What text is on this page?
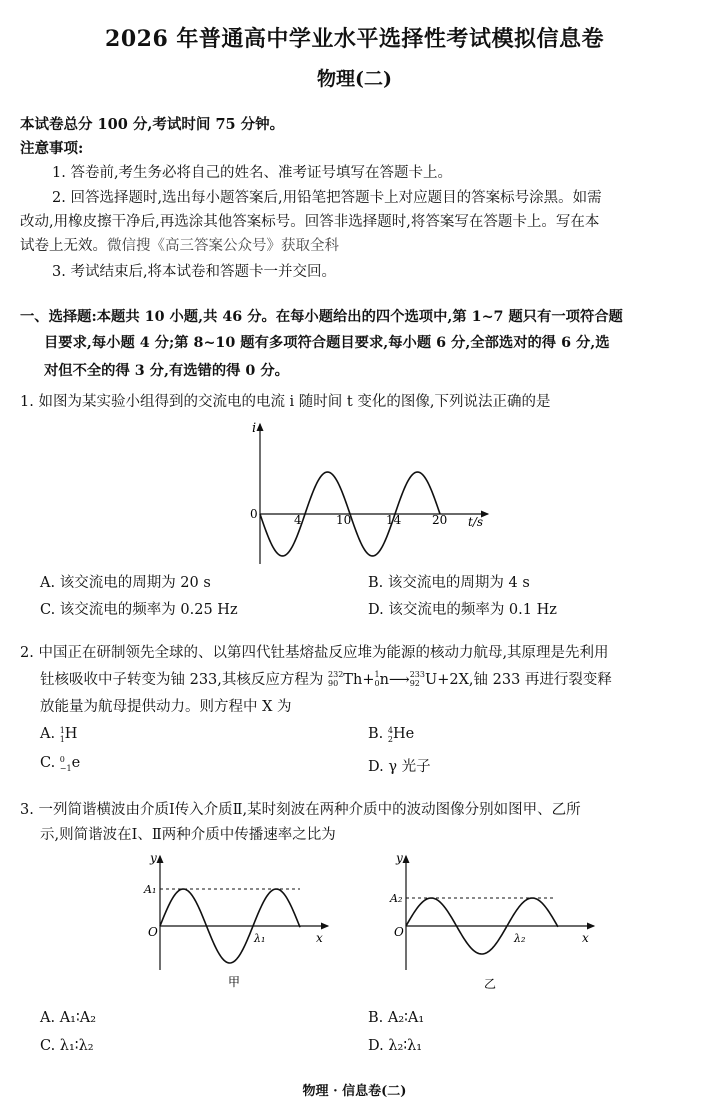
2026 年普通高中学业水平选择性考试模拟信息卷
物理(二)
本试卷总分 100 分,考试时间 75 分钟。
注意事项:
1. 答卷前,考生务必将自己的姓名、准考证号填写在答题卡上。
2. 回答选择题时,选出每小题答案后,用铅笔把答题卡上对应题目的答案标号涂黑。如需
改动,用橡皮擦干净后,再选涂其他答案标号。回答非选择题时,将答案写在答题卡上。写在本
试卷上无效。微信搜《高三答案公众号》获取全科
3. 考试结束后,将本试卷和答题卡一并交回。
一、选择题:本题共 10 小题,共 46 分。在每小题给出的四个选项中,第 1~7 题只有一项符合题
目要求,每小题 4 分;第 8~10 题有多项符合题目要求,每小题 6 分,全部选对的得 6 分,选
对但不全的得 3 分,有选错的得 0 分。
1. 如图为某实验小组得到的交流电的电流 i 随时间 t 变化的图像,下列说法正确的是
i
0
t/s
4	10	14	20
A. 该交流电的周期为 20 s	B. 该交流电的周期为 4 s
C. 该交流电的频率为 0.25 Hz	D. 该交流电的频率为 0.1 Hz
2. 中国正在研制领先全球的、以第四代钍基熔盐反应堆为能源的核动力航母,其原理是先利用
钍核吸收中子转变为铀 233,其核反应方程为 232
90 Th+ 1
0 n⟶ 233
92 U+2X,铀 233 再进行裂变释
放能量为航母提供动力。则方程中 X 为
A. 1
1 H	B. 4
2 He
C. 0
−1 e	D. γ 光子
3. 一列简谐横波由介质Ⅰ传入介质Ⅱ,某时刻波在两种介质中的波动图像分别如图甲、乙所
示,则简谐波在Ⅰ、Ⅱ两种介质中传播速率之比为
y
x
O
A₁
λ₁
甲
y
x
O
A₂
λ₂
乙
A. A₁∶A₂	B. A₂∶A₁
C. λ₁∶λ₂	D. λ₂∶λ₁
物理 · 信息卷(二)
